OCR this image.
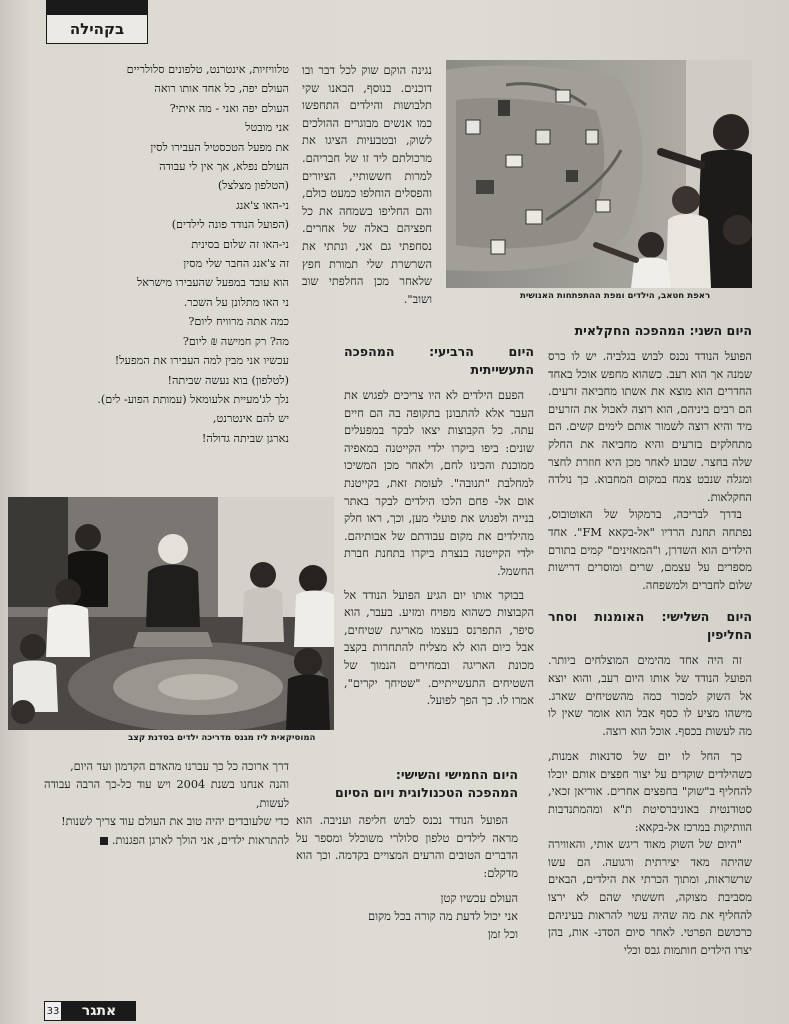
בקהילה
ראפת חטאב, הילדים ומפת ההתפתחות האנושית
היום השני: המהפכה החקלאית

הפועל הנודד נכנס לבוש בגלביה. יש לו כרס שמנה אך הוא רעב. כשהוא מחפש אוכל באחד החדרים הוא מוצא את אשתו מחביאה זרעים. הם רבים ביניהם, הוא רוצה לאכול את הזרעים מיד והיא רוצה לשמור אותם לימים קשים. הם מתחלקים בזרעים והיא מחביאה את החלק שלה בחצר. שבוע לאחר מכן היא חוזרת לחצר ומגלה שנבט צמח במקום המחבוא. כך נולדה החקלאות.

בדרך לבריכה, ברמקול של האוטובוס, נפתחה תחנת הרדיו "אל-בקאא FM". אחד הילדים הוא השדרן, ו"המאזינים" קמים בתורם מספרים על עצמם, שרים ומוסרים דרישות שלום לחברים ולמשפחה.

היום השלישי: האומנות וסחר החליפין

זה היה אחד מהימים המוצלחים ביותר. הפועל הנודד של אותו היום רעב, והוא יוצא אל השוק למכור כמה מהשטיחים שארג. מישהו מציע לו כסף אבל הוא אומר שאין לו מה לעשות בכסף. אוכל הוא רוצה.

כך החל לו יום של סדנאות אמנות, כשהילדים שוקדים על יצור חפצים אותם יוכלו להחליף ב"שוק" בחפצים אחרים. אוריאן זכאי, סטודנטית באוניברסיטת ת"א ומהמתנדבות הוותיקות במרכז אל-בקאא:

"היום של השוק מאוד ריגש אותי, והאווירה שהיתה מאד יצירתית ורגועה. הם עשו שרשראות, ומתוך הכרתי את הילדים, הבאים מסביבת מצוקה, חששתי שהם לא ירצו להחליף את מה שהיה עשוי להראות בעיניהם כרכושם הפרטי. לאחר סיום הסדנ- אות, בהן יצרו הילדים חותמות גבס וכלי

נגינה הוקם שוק לכל דבר ובו דוכנים. בנוסף, הבאנו שקי תלבושות והילדים התחפשו כמו אנשים מבוגרים ההולכים לשוק, ובטבעיות הציגו את מרכולתם ליד זו של חבריהם. למרות חששותיי, הציורים והפסלים הוחלפו כמעט כולם, והם החליפו בשמחה את כל חפציהם באלה של אחרים. נסחפתי גם אני, ונתתי את השרשרת שלי תמורת חפץ שלאחר מכן החלפתי שוב ושוב".

היום הרביעי: המהפכה התעשייתית

הפעם הילדים לא היו צריכים לפגוש את העבר אלא להתבונן בתקופה בה הם חיים עתה. כל הקבוצות יצאו לבקר במפעלים שונים: ביפו ביקרו ילדי הקייטנה במאפיה ממוכנת והכינו לחם, ולאחר מכן המשיכו למחלבת "תנובה". לעומת זאת, בקייטנת אום אל- פחם הלכו הילדים לבקר באתר בנייה ולפגוש את פועלי מען, וכך, ראו חלק מהילדים את מקום עבודתם של אבותיהם. ילדי הקייטנה בנצרת ביקרו בתחנת חברת החשמל.

בבוקר אותו יום הגיע הפועל הנודד אל הקבוצות כשהוא מפויח ומזיע. בעבר, הוא סיפר, התפרנס בעצמו מאריגת שטיחים, אבל כיום הוא לא מצליח להתחרות בקצב מכונת האריגה ובמחירים הנמוך של השטיחים התעשייתיים. "שטיחך יקרים", אמרו לו. כך הפך לפועל.

טלוויזיות, אינטרנט, טלפונים סלולריים

העולם יפה, כל אחד אותו רואה

העולם יפה ואני - מה איתי?

אני מובטל

את מפעל הטכסטיל העבירו לסין

העולם נפלא, אך אין לי עבודה

(הטלפון מצלצל)

ני-האו צ'אנג

(הפועל הנודד פונה לילדים)

ני-האו זה שלום בסינית

זה צ'אנג החבר שלי מסין

הוא עובד במפעל שהעבירו מישראל

ני האו מתלונן על השכר.

כמה אתה מרוויח ליום?

מה? רק חמישה ₪ ליום?

עכשיו אני מבין למה העבירו את המפעל!

(לטלפון) בוא נעשה שביתה!

נלך לג'מעיית אלעומאל (עמותת הפוע- לים).

יש להם אינטרנט,

נארגן שביתה גדולה!

המוסיקאית ליז מגנס מדריכה ילדים בסדנת קצב
היום החמישי והשישי:
המהפכה הטכנולוגית ויום הסיום

הפועל הנודד נכנס לבוש חליפה ועניבה. הוא מראה לילדים טלפון סלולרי משוכלל ומספר על הדברים הטובים והרעים המצויים בקדמה. וכך הוא מדקלם:

העולם עכשיו קטן

אני יכול לדעת מה קורה בכל מקום

וכל זמן

דרך ארוכה כל כך עברנו מהאדם הקדמון ועד היום,

והנה אנחנו בשנת 2004 ויש עוד כל-כך הרבה עבודה לעשות,

כדי שלעובדים יהיה טוב את העולם עוד צריך לשנות!

להתראות ילדים, אני הולך לארגן הפגנות.

33	אתגר
